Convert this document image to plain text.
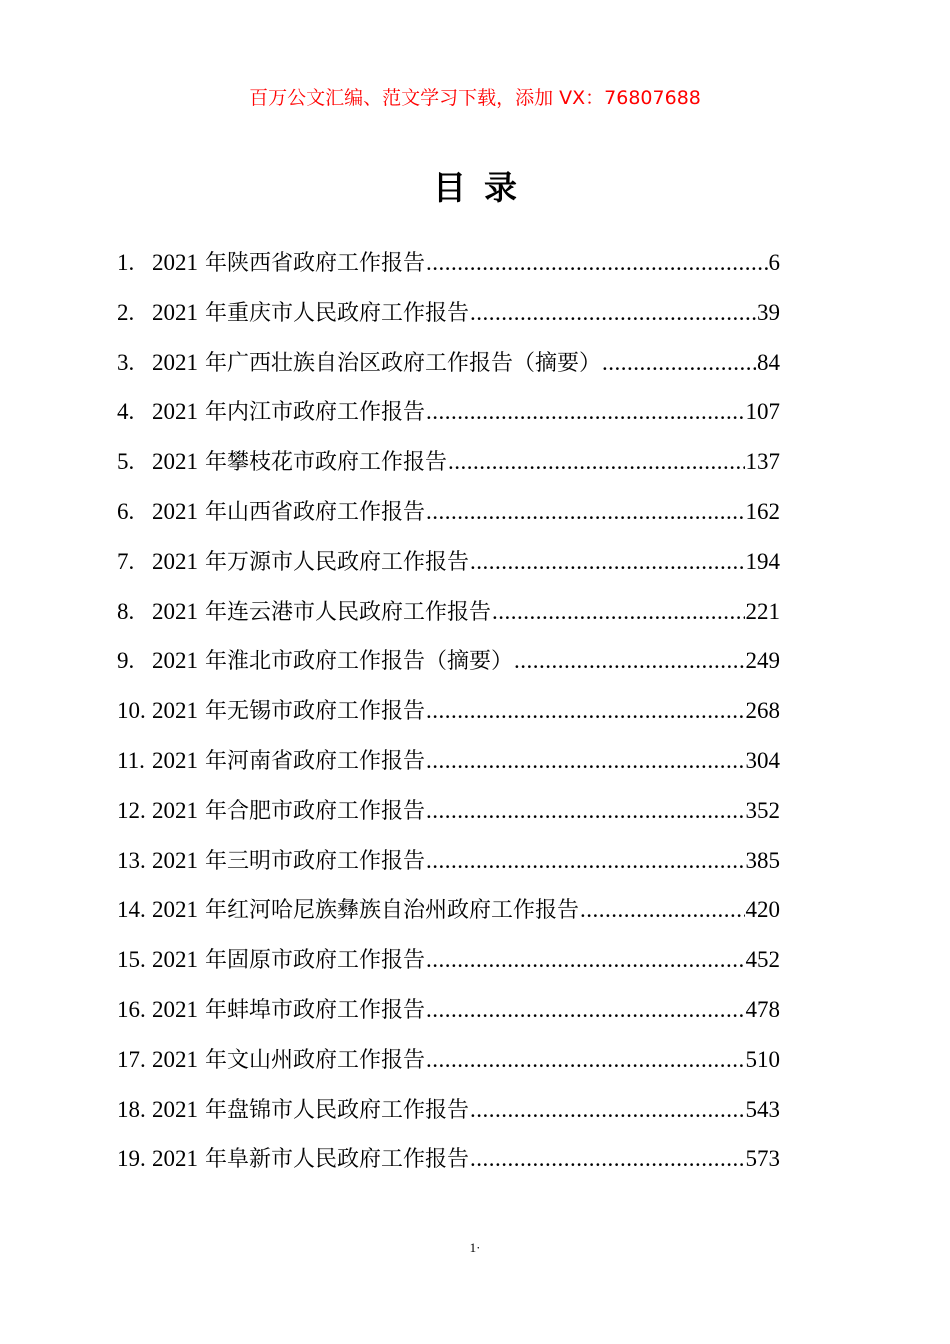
百万公文汇编、范文学习下载，添加 VX：76807688
目录
1. 2021 年陕西省政府工作报告 .....	6
2. 2021 年重庆市人民政府工作报告 .....	39
3. 2021 年广西壮族自治区政府工作报告（摘要） .....	84
4. 2021 年内江市政府工作报告 .....	107
5. 2021 年攀枝花市政府工作报告 .....	137
6. 2021 年山西省政府工作报告 .....	162
7. 2021 年万源市人民政府工作报告 .....	194
8. 2021 年连云港市人民政府工作报告 .....	221
9. 2021 年淮北市政府工作报告（摘要） .....	249
10. 2021 年无锡市政府工作报告 .....	268
11. 2021 年河南省政府工作报告 .....	304
12. 2021 年合肥市政府工作报告 .....	352
13. 2021 年三明市政府工作报告 .....	385
14. 2021 年红河哈尼族彝族自治州政府工作报告 .....	420
15. 2021 年固原市政府工作报告 .....	452
16. 2021 年蚌埠市政府工作报告 .....	478
17. 2021 年文山州政府工作报告 .....	510
18. 2021 年盘锦市人民政府工作报告 .....	543
19. 2021 年阜新市人民政府工作报告 .....	573
1·
